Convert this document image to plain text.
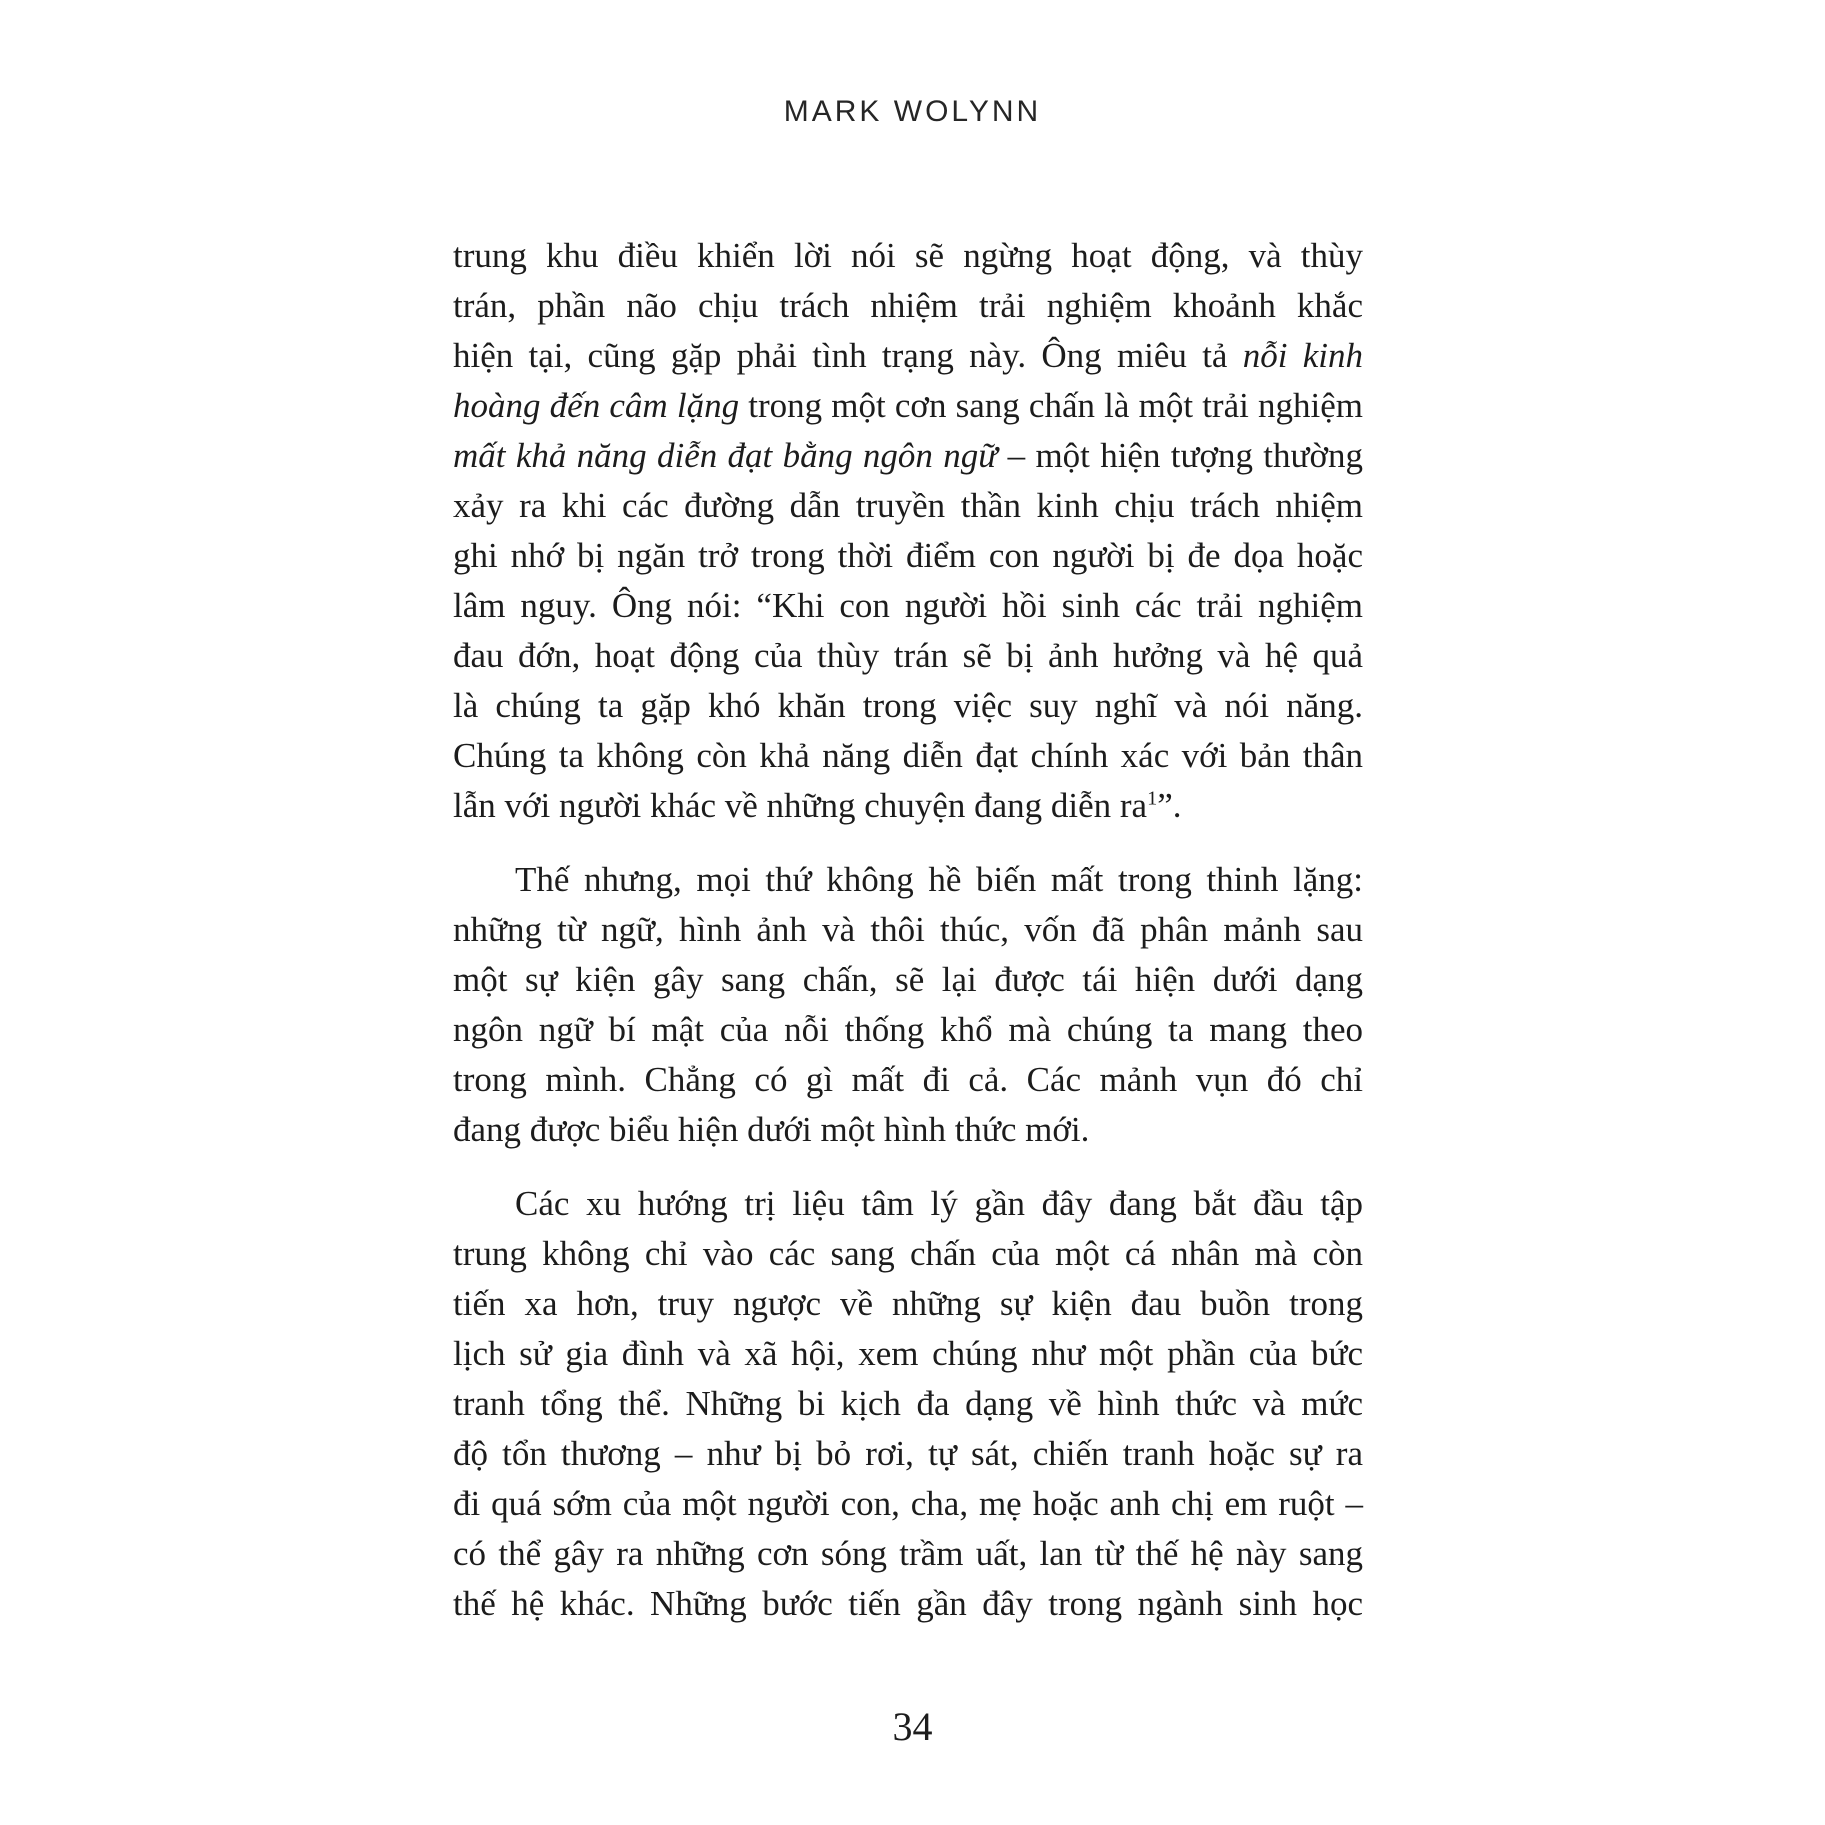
MARK WOLYNN
trung khu điều khiển lời nói sẽ ngừng hoạt động, và thùy
trán, phần não chịu trách nhiệm trải nghiệm khoảnh khắc
hiện tại, cũng gặp phải tình trạng này. Ông miêu tả nỗi kinh
hoàng đến câm lặng trong một cơn sang chấn là một trải nghiệm
mất khả năng diễn đạt bằng ngôn ngữ – một hiện tượng thường
xảy ra khi các đường dẫn truyền thần kinh chịu trách nhiệm
ghi nhớ bị ngăn trở trong thời điểm con người bị đe dọa hoặc
lâm nguy. Ông nói: “Khi con người hồi sinh các trải nghiệm
đau đớn, hoạt động của thùy trán sẽ bị ảnh hưởng và hệ quả
là chúng ta gặp khó khăn trong việc suy nghĩ và nói năng.
Chúng ta không còn khả năng diễn đạt chính xác với bản thân
lẫn với người khác về những chuyện đang diễn $ra^1$”.
Thế nhưng, mọi thứ không hề biến mất trong thinh lặng:
những từ ngữ, hình ảnh và thôi thúc, vốn đã phân mảnh sau
một sự kiện gây sang chấn, sẽ lại được tái hiện dưới dạng
ngôn ngữ bí mật của nỗi thống khổ mà chúng ta mang theo
trong mình. Chẳng có gì mất đi cả. Các mảnh vụn đó chỉ
đang được biểu hiện dưới một hình thức mới.
Các xu hướng trị liệu tâm lý gần đây đang bắt đầu tập
trung không chỉ vào các sang chấn của một cá nhân mà còn
tiến xa hơn, truy ngược về những sự kiện đau buồn trong
lịch sử gia đình và xã hội, xem chúng như một phần của bức
tranh tổng thể. Những bi kịch đa dạng về hình thức và mức
độ tổn thương – như bị bỏ rơi, tự sát, chiến tranh hoặc sự ra
đi quá sớm của một người con, cha, mẹ hoặc anh chị em ruột –
có thể gây ra những cơn sóng trầm uất, lan từ thế hệ này sang
thế hệ khác. Những bước tiến gần đây trong ngành sinh học
34
